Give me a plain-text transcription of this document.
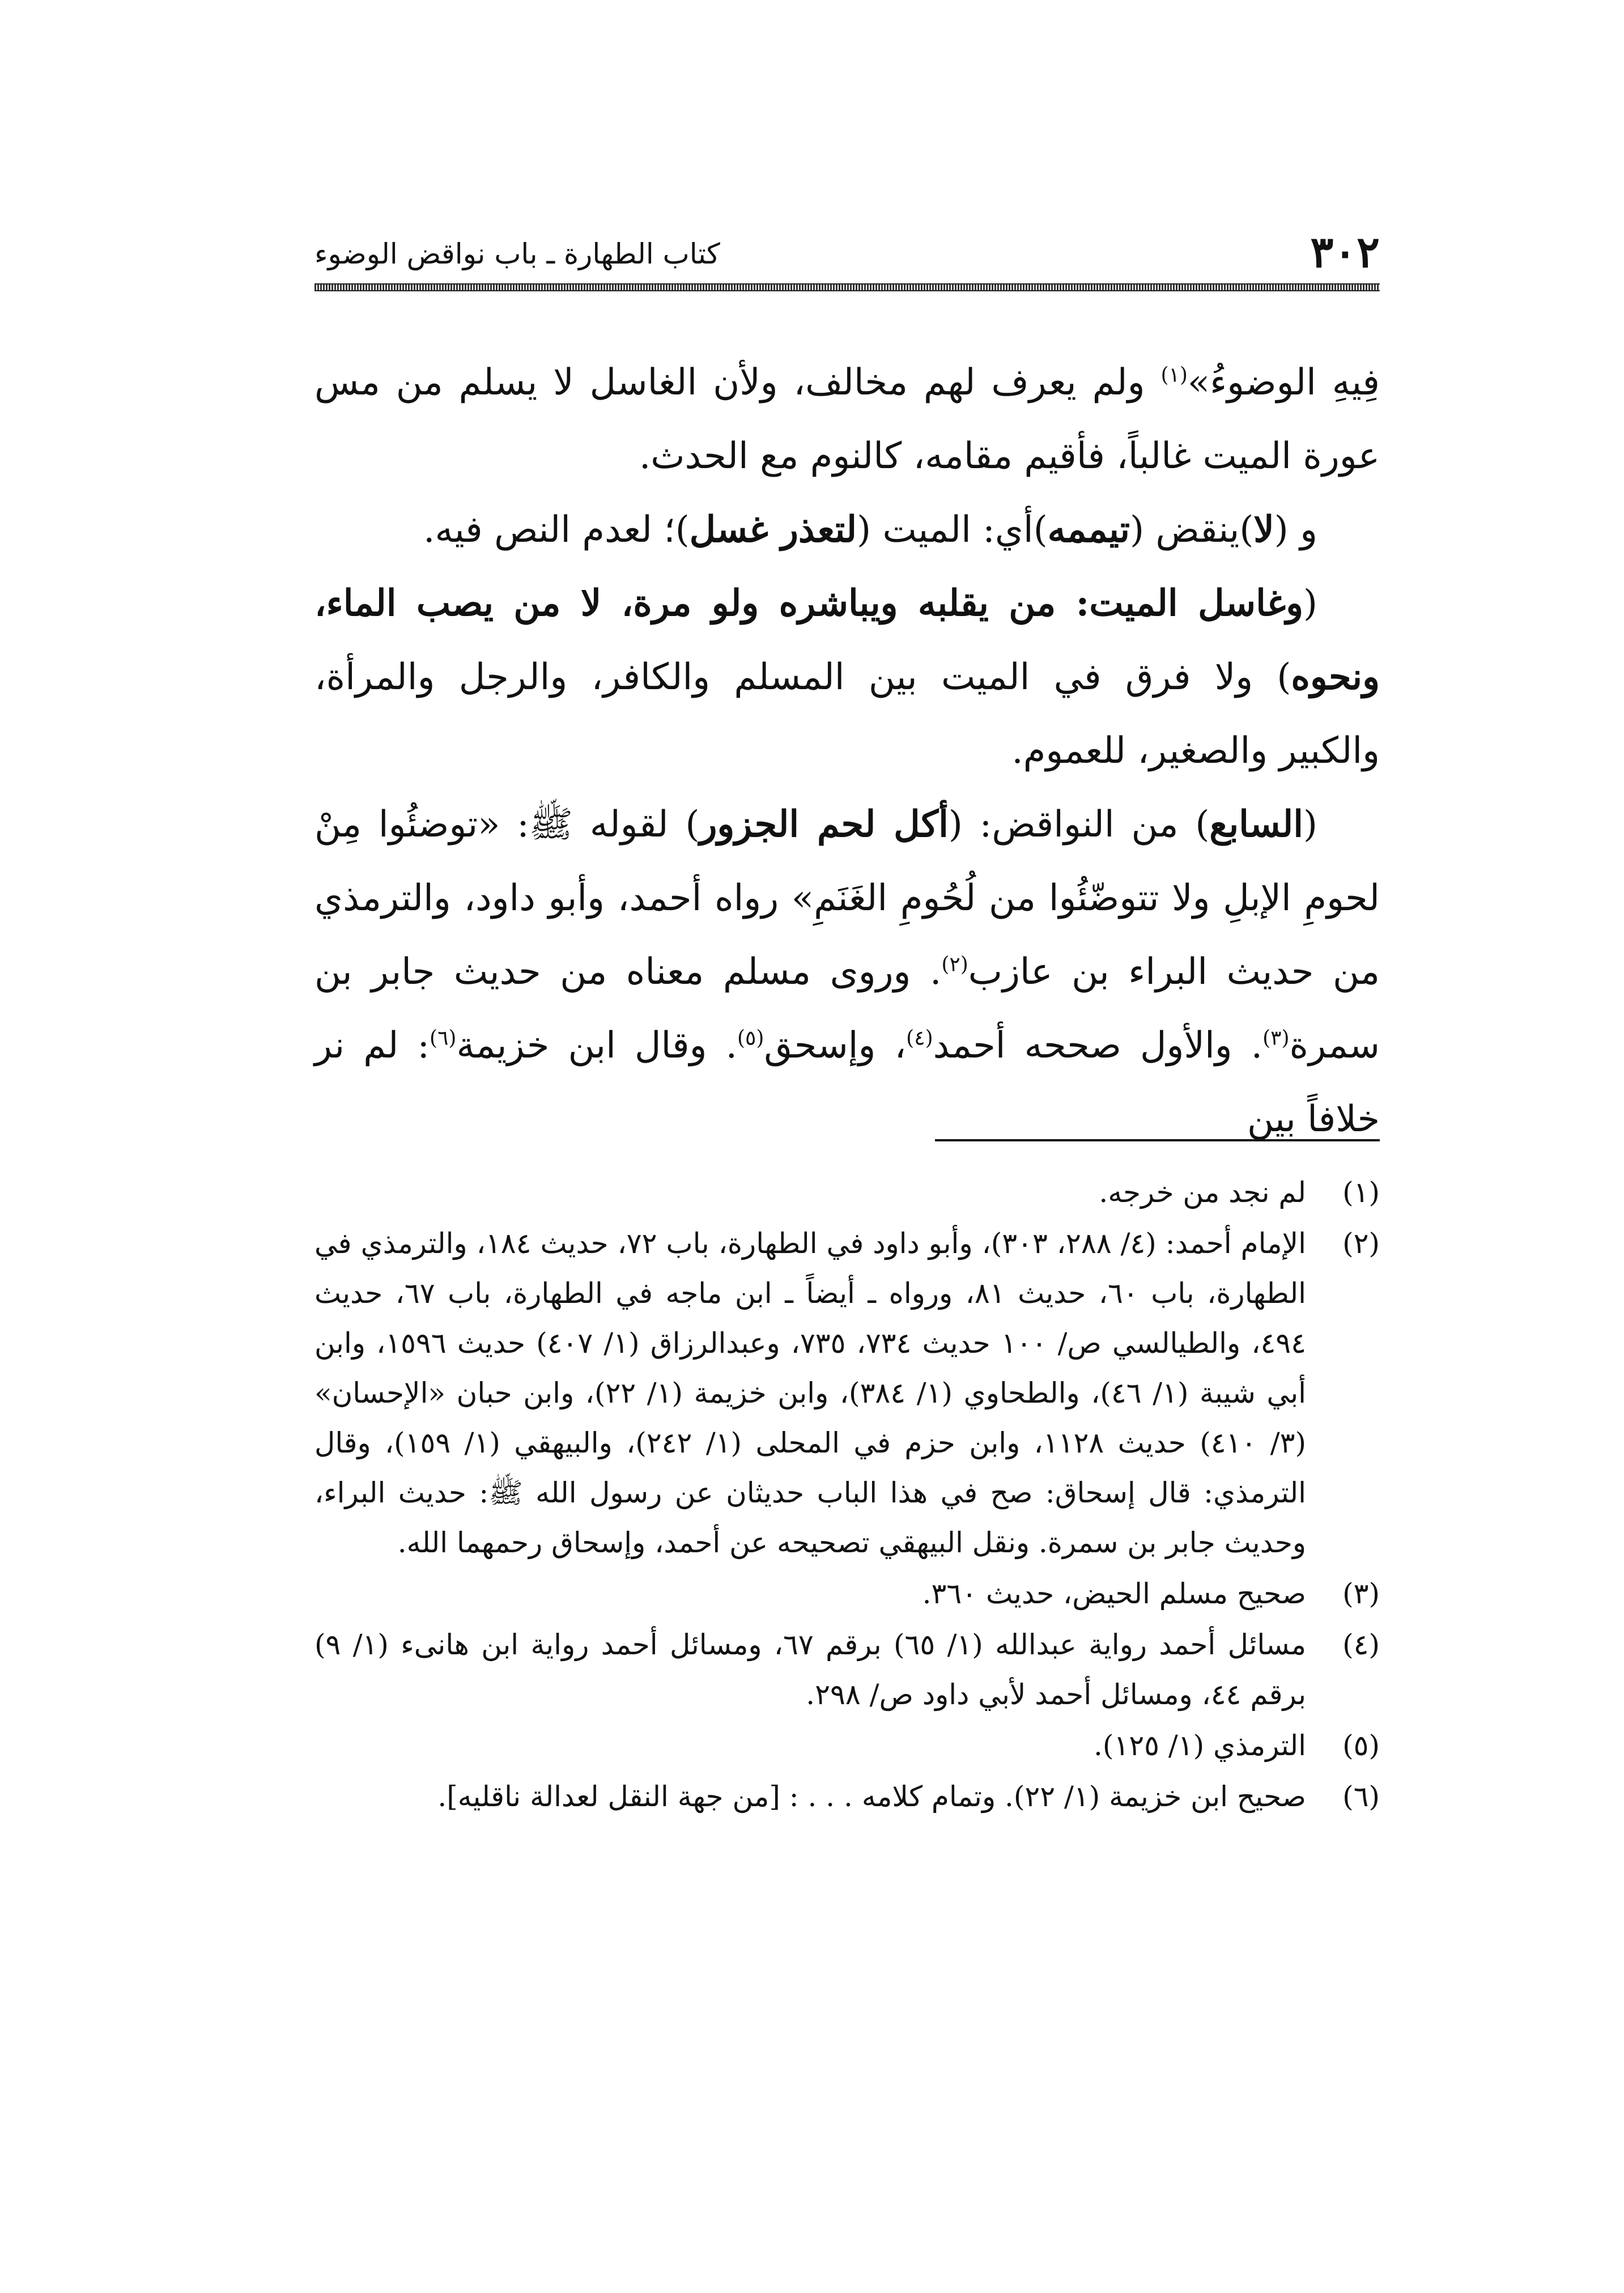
٣٠٢
كتاب الطهارة ـ باب نواقض الوضوء

فِيهِ الوضوءُ»$^{(١)}$ ولم يعرف لهم مخالف، ولأن الغاسل لا يسلم من مس عورة الميت غالباً، فأقيم مقامه، كالنوم مع الحدث.

و (لا)ينقض (تيممه)أي: الميت (لتعذر غسل)؛ لعدم النص فيه.

(وغاسل الميت: من يقلبه ويباشره ولو مرة، لا من يصب الماء، ونحوه) ولا فرق في الميت بين المسلم والكافر، والرجل والمرأة، والكبير والصغير، للعموم.

(السابع) من النواقض: (أكل لحم الجزور) لقوله ﷺ: «توضئُوا مِنْ لحومِ الإبلِ ولا تتوضّئُوا من لُحُومِ الغَنَمِ» رواه أحمد، وأبو داود، والترمذي من حديث البراء بن عازب$^{(٢)}$. وروى مسلم معناه من حديث جابر بن سمرة$^{(٣)}$. والأول صححه أحمد$^{(٤)}$، وإسحق$^{(٥)}$. وقال ابن خزيمة$^{(٦)}$: لم نر خلافاً بين

(١)
لم نجد من خرجه.
(٢)
الإمام أحمد: (٤/ ٢٨٨، ٣٠٣)، وأبو داود في الطهارة، باب ٧٢، حديث ١٨٤، والترمذي في الطهارة، باب ٦٠، حديث ٨١، ورواه ـ أيضاً ـ ابن ماجه في الطهارة، باب ٦٧، حديث ٤٩٤، والطيالسي ص/ ١٠٠ حديث ٧٣٤، ٧٣٥، وعبدالرزاق (١/ ٤٠٧) حديث ١٥٩٦، وابن أبي شيبة (١/ ٤٦)، والطحاوي (١/ ٣٨٤)، وابن خزيمة (١/ ٢٢)، وابن حبان «الإحسان» (٣/ ٤١٠) حديث ١١٢٨، وابن حزم في المحلى (١/ ٢٤٢)، والبيهقي (١/ ١٥٩)، وقال الترمذي: قال إسحاق: صح في هذا الباب حديثان عن رسول الله ﷺ: حديث البراء، وحديث جابر بن سمرة. ونقل البيهقي تصحيحه عن أحمد، وإسحاق رحمهما الله.
(٣)
صحيح مسلم الحيض، حديث ٣٦٠.
(٤)
مسائل أحمد رواية عبدالله (١/ ٦٥) برقم ٦٧، ومسائل أحمد رواية ابن هانىء (١/ ٩) برقم ٤٤، ومسائل أحمد لأبي داود ص/ ٢٩٨.
(٥)
الترمذي (١/ ١٢٥).
(٦)
صحيح ابن خزيمة (١/ ٢٢). وتمام كلامه . . . : [من جهة النقل لعدالة ناقليه].
